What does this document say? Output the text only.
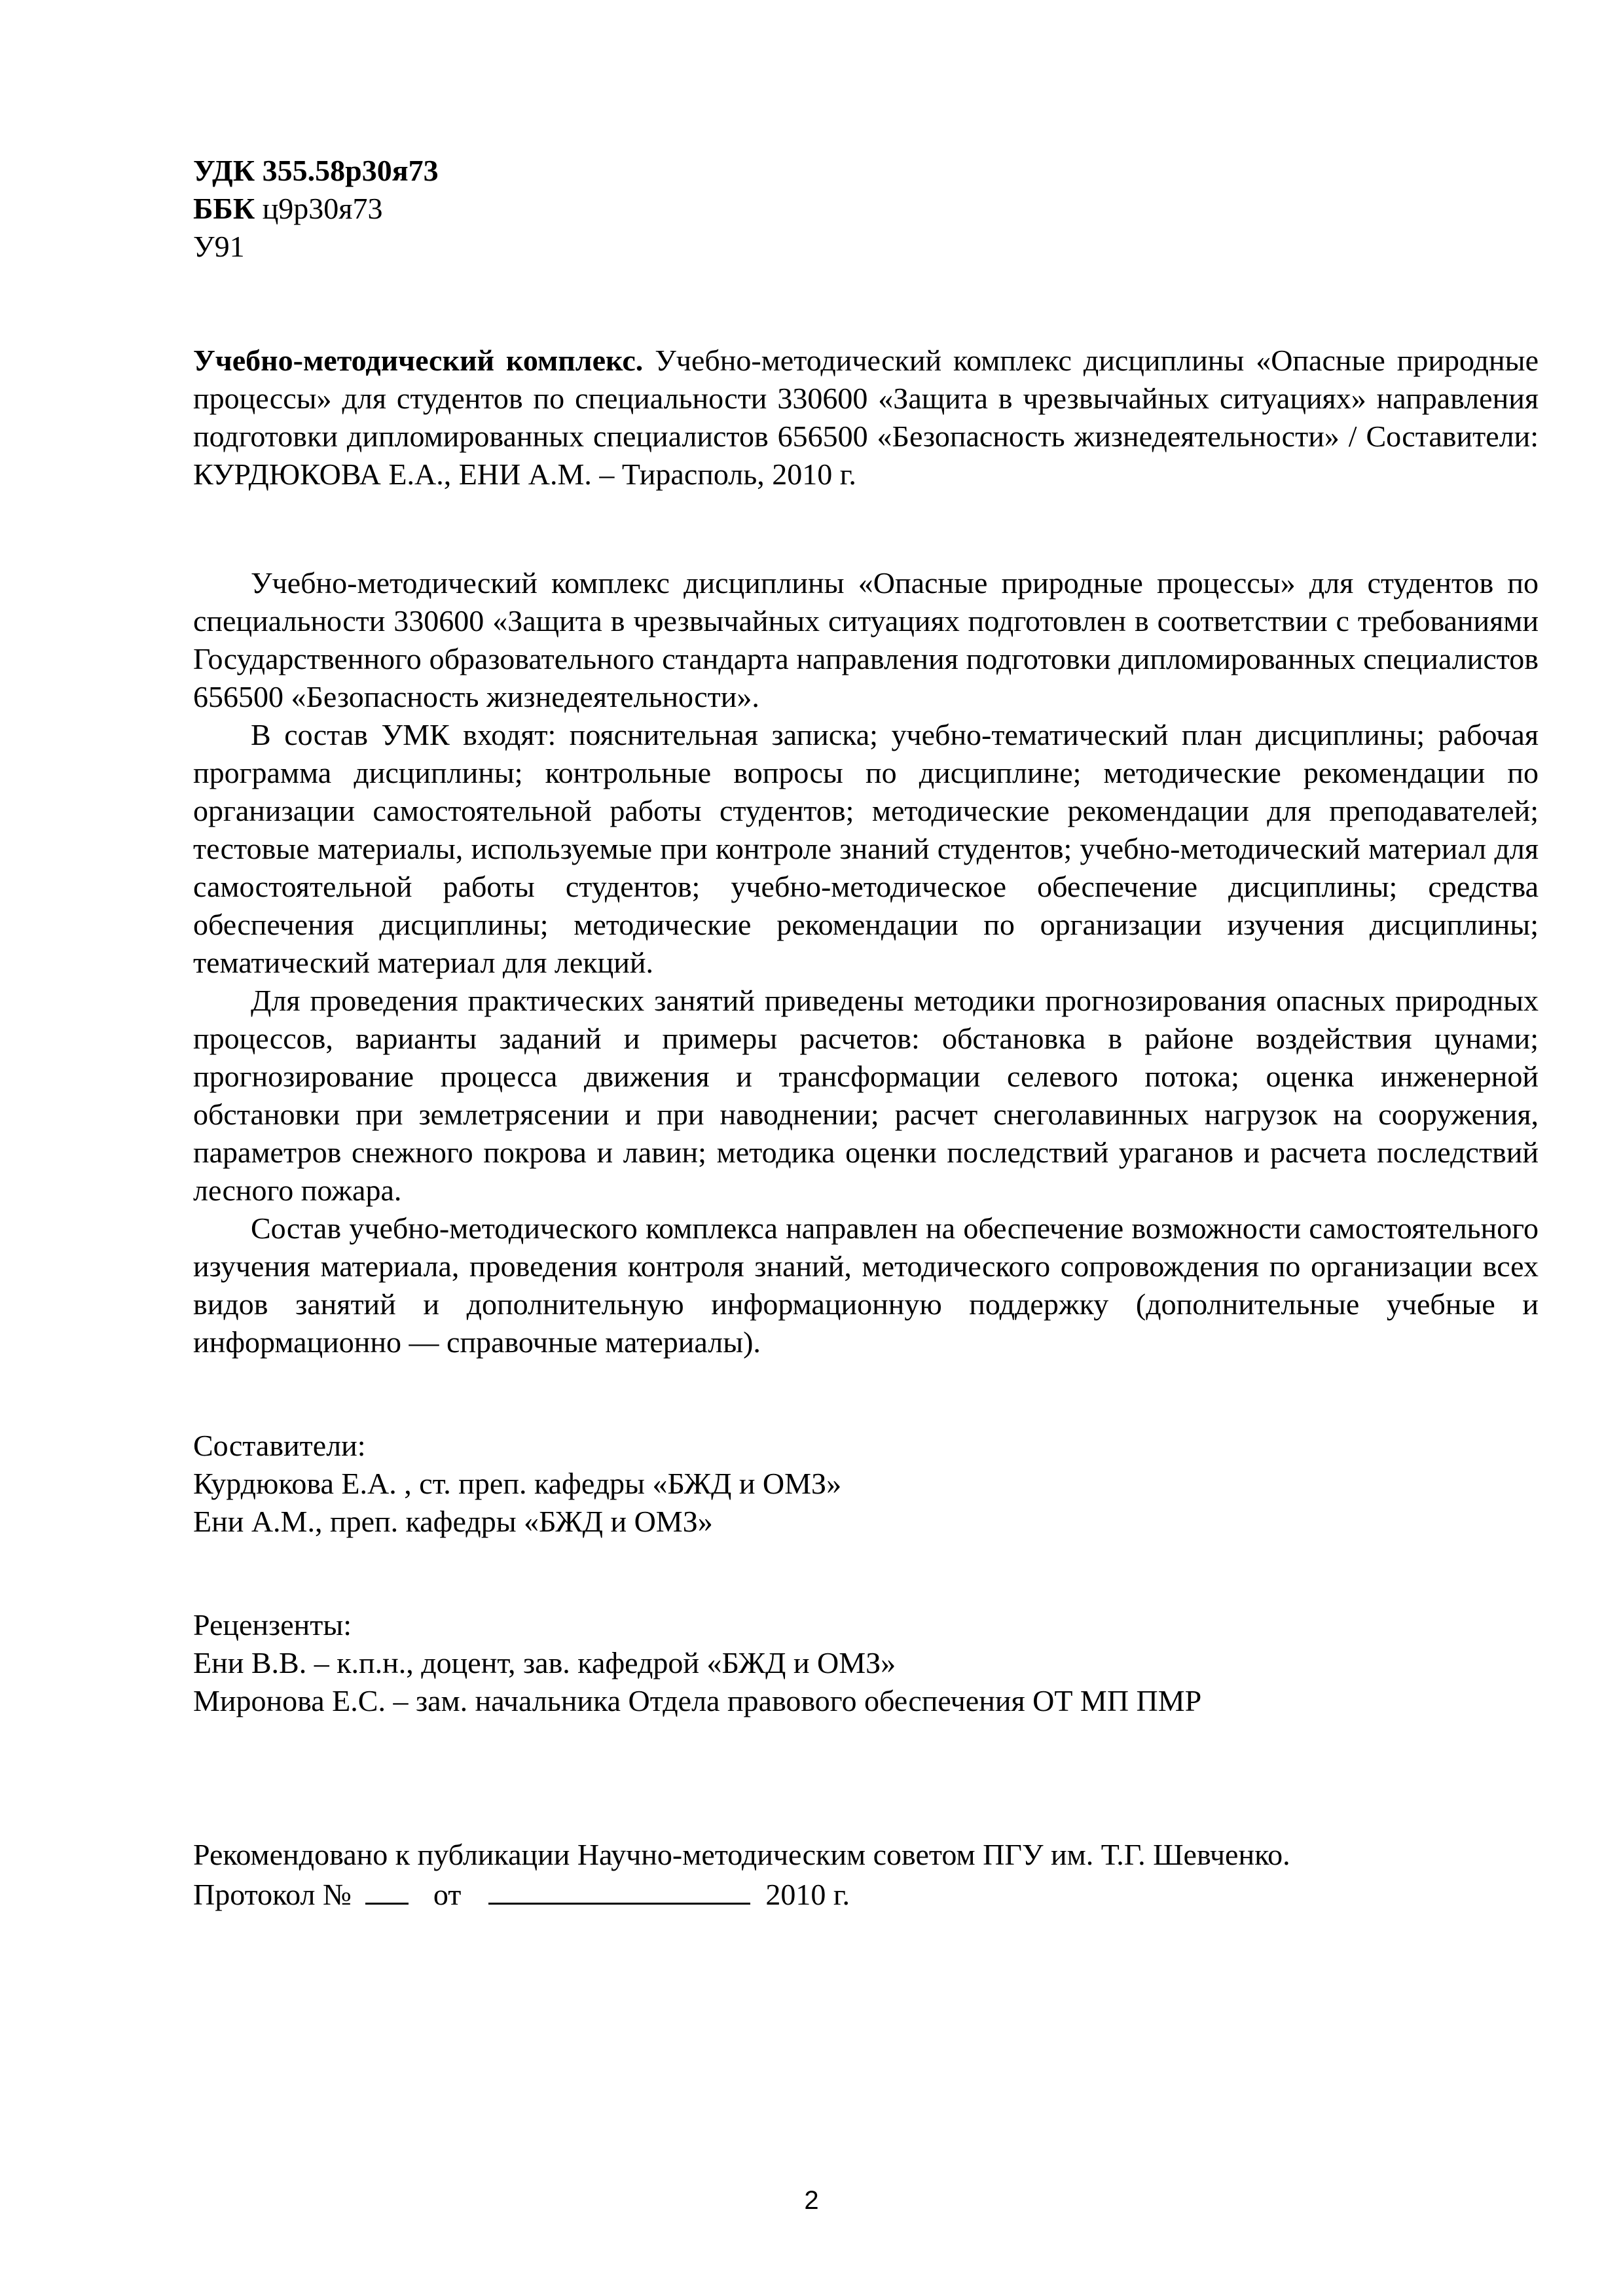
УДК 355.58р30я73
ББК ц9р30я73
У91
Учебно-методический комплекс. Учебно-методический комплекс дисциплины «Опасные природные процессы» для студентов по специальности 330600 «Защита в чрезвычайных ситуациях» направления подготовки дипломированных специалистов 656500 «Безопасность жизнедеятельности» / Составители: КУРДЮКОВА Е.А., ЕНИ А.М. – Тирасполь, 2010 г.

Учебно-методический комплекс дисциплины «Опасные природные процессы» для студентов по специальности 330600 «Защита в чрезвычайных ситуациях подготовлен в соответствии с требованиями Государственного образовательного стандарта направления подготовки дипломированных специалистов 656500 «Безопасность жизнедеятельности».

В состав УМК входят: пояснительная записка; учебно-тематический план дисциплины; рабочая программа дисциплины; контрольные вопросы по дисциплине; методические рекомендации по организации самостоятельной работы студентов; методические рекомендации для преподавателей; тестовые материалы, используемые при контроле знаний студентов; учебно-методический материал для самостоятельной работы студентов; учебно-методическое обеспечение дисциплины; средства обеспечения дисциплины; методические рекомендации по организации изучения дисциплины; тематический материал для лекций.

Для проведения практических занятий приведены методики прогнозирования опасных природных процессов, варианты заданий и примеры расчетов: обстановка в районе воздействия цунами; прогнозирование процесса движения и трансформации селевого потока; оценка инженерной обстановки при землетрясении и при наводнении; расчет снеголавинных нагрузок на сооружения, параметров снежного покрова и лавин; методика оценки последствий ураганов и расчета последствий лесного пожара.

Состав учебно-методического комплекса направлен на обеспечение возможности самостоятельного изучения материала, проведения контроля знаний, методического сопровождения по организации всех видов занятий и дополнительную информационную поддержку (дополнительные учебные и информационно — справочные материалы).

Составители:
Курдюкова Е.А. , ст. преп. кафедры «БЖД и ОМЗ»
Ени А.М., преп. кафедры «БЖД и ОМЗ»
Рецензенты:
Ени В.В. – к.п.н., доцент, зав. кафедрой «БЖД и ОМЗ»
Миронова Е.С. – зам. начальника Отдела правового обеспечения ОТ МП ПМР
Рекомендовано к публикации Научно-методическим советом ПГУ им. Т.Г. Шевченко.
Протокол №	от	2010 г.
2
